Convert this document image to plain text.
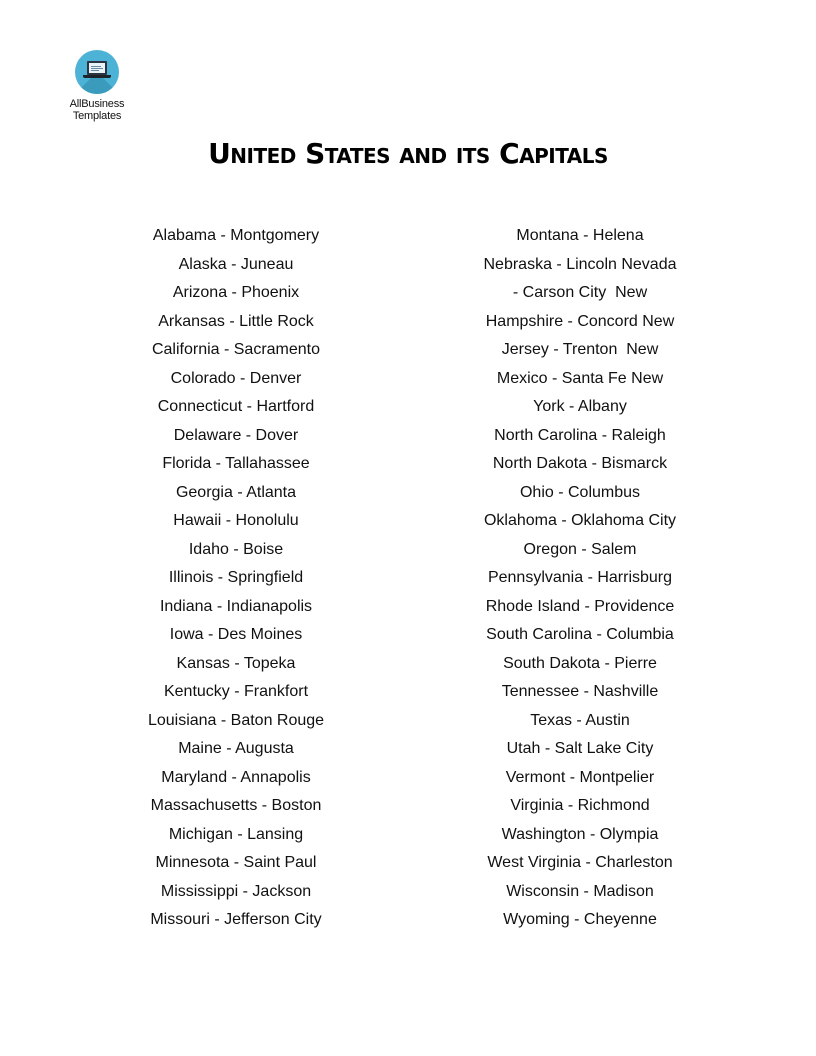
AllBusiness
Templates
United States and its Capitals
Alabama - Montgomery
Alaska - Juneau
Arizona - Phoenix
Arkansas - Little Rock
California - Sacramento
Colorado - Denver
Connecticut - Hartford
Delaware - Dover
Florida - Tallahassee
Georgia - Atlanta
Hawaii - Honolulu
Idaho - Boise
Illinois - Springfield
Indiana - Indianapolis
Iowa - Des Moines
Kansas - Topeka
Kentucky - Frankfort
Louisiana - Baton Rouge
Maine - Augusta
Maryland - Annapolis
Massachusetts - Boston
Michigan - Lansing
Minnesota - Saint Paul
Mississippi - Jackson
Missouri - Jefferson City
Montana - Helena
Nebraska - Lincoln Nevada
- Carson City  New
Hampshire - Concord New
Jersey - Trenton  New
Mexico - Santa Fe New
York - Albany
North Carolina - Raleigh
North Dakota - Bismarck
Ohio - Columbus
Oklahoma - Oklahoma City
Oregon - Salem
Pennsylvania - Harrisburg
Rhode Island - Providence
South Carolina - Columbia
South Dakota - Pierre
Tennessee - Nashville
Texas - Austin
Utah - Salt Lake City
Vermont - Montpelier
Virginia - Richmond
Washington - Olympia
West Virginia - Charleston
Wisconsin - Madison
Wyoming - Cheyenne
